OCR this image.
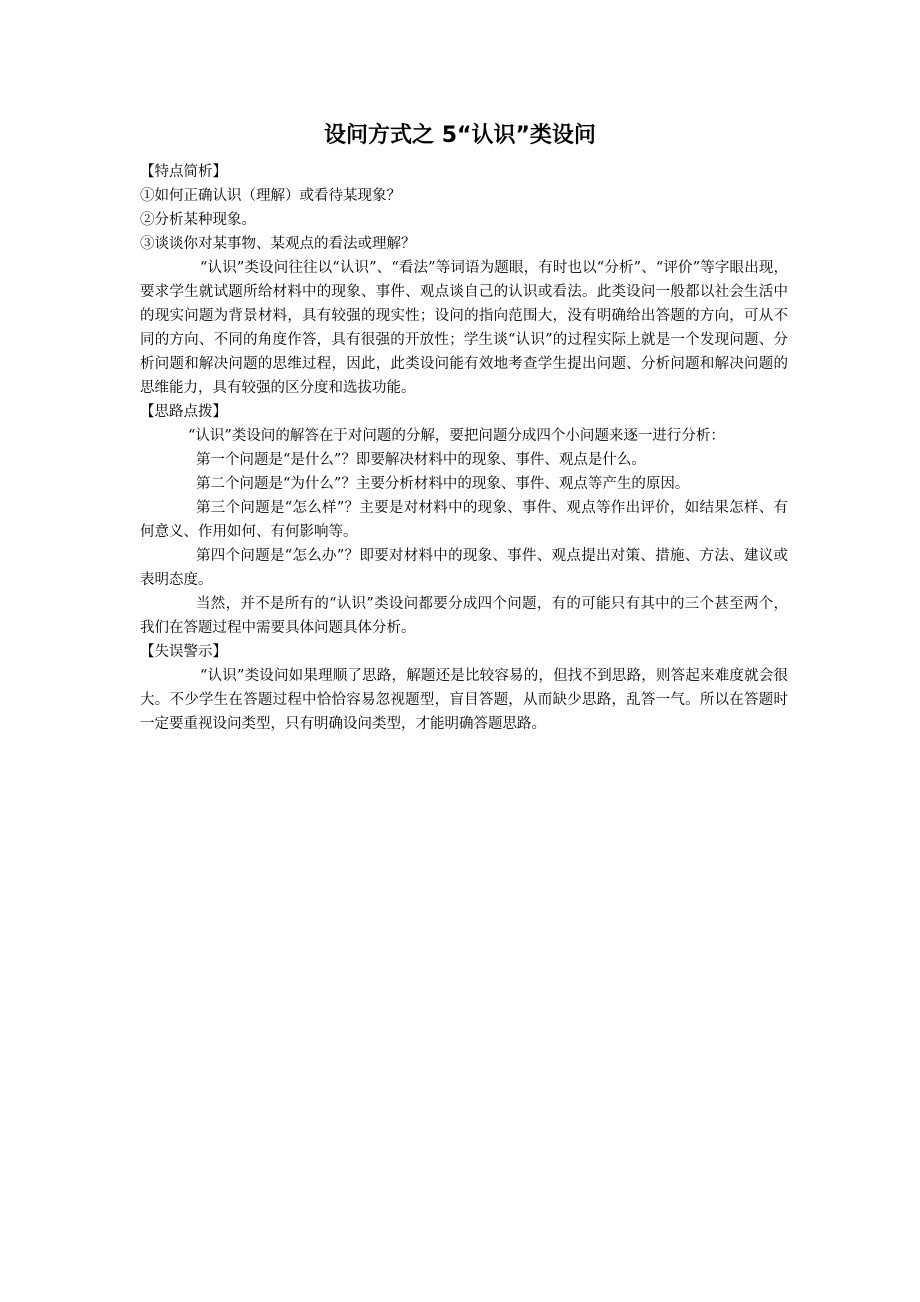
设问方式之 5“认识”类设问

【特点简析】

①如何正确认识（理解）或看待某现象？

②分析某种现象。

③谈谈你对某事物、某观点的看法或理解？

“认识”类设问往往以“认识”、“看法”等词语为题眼，有时也以“分析”、“评价”等字眼出现，要求学生就试题所给材料中的现象、事件、观点谈自己的认识或看法。此类设问一般都以社会生活中的现实问题为背景材料，具有较强的现实性；设问的指向范围大，没有明确给出答题的方向，可从不同的方向、不同的角度作答，具有很强的开放性；学生谈“认识”的过程实际上就是一个发现问题、分析问题和解决问题的思维过程，因此，此类设问能有效地考查学生提出问题、分析问题和解决问题的思维能力，具有较强的区分度和选拔功能。

【思路点拨】

“认识”类设问的解答在于对问题的分解，要把问题分成四个小问题来逐一进行分析：

第一个问题是“是什么”？即要解决材料中的现象、事件、观点是什么。

第二个问题是“为什么”？主要分析材料中的现象、事件、观点等产生的原因。

第三个问题是“怎么样”？主要是对材料中的现象、事件、观点等作出评价，如结果怎样、有何意义、作用如何、有何影响等。

第四个问题是“怎么办”？即要对材料中的现象、事件、观点提出对策、措施、方法、建议或表明态度。

当然，并不是所有的“认识”类设问都要分成四个问题，有的可能只有其中的三个甚至两个，我们在答题过程中需要具体问题具体分析。

【失误警示】

“认识”类设问如果理顺了思路，解题还是比较容易的，但找不到思路，则答起来难度就会很大。不少学生在答题过程中恰恰容易忽视题型，盲目答题，从而缺少思路，乱答一气。所以在答题时一定要重视设问类型，只有明确设问类型，才能明确答题思路。
